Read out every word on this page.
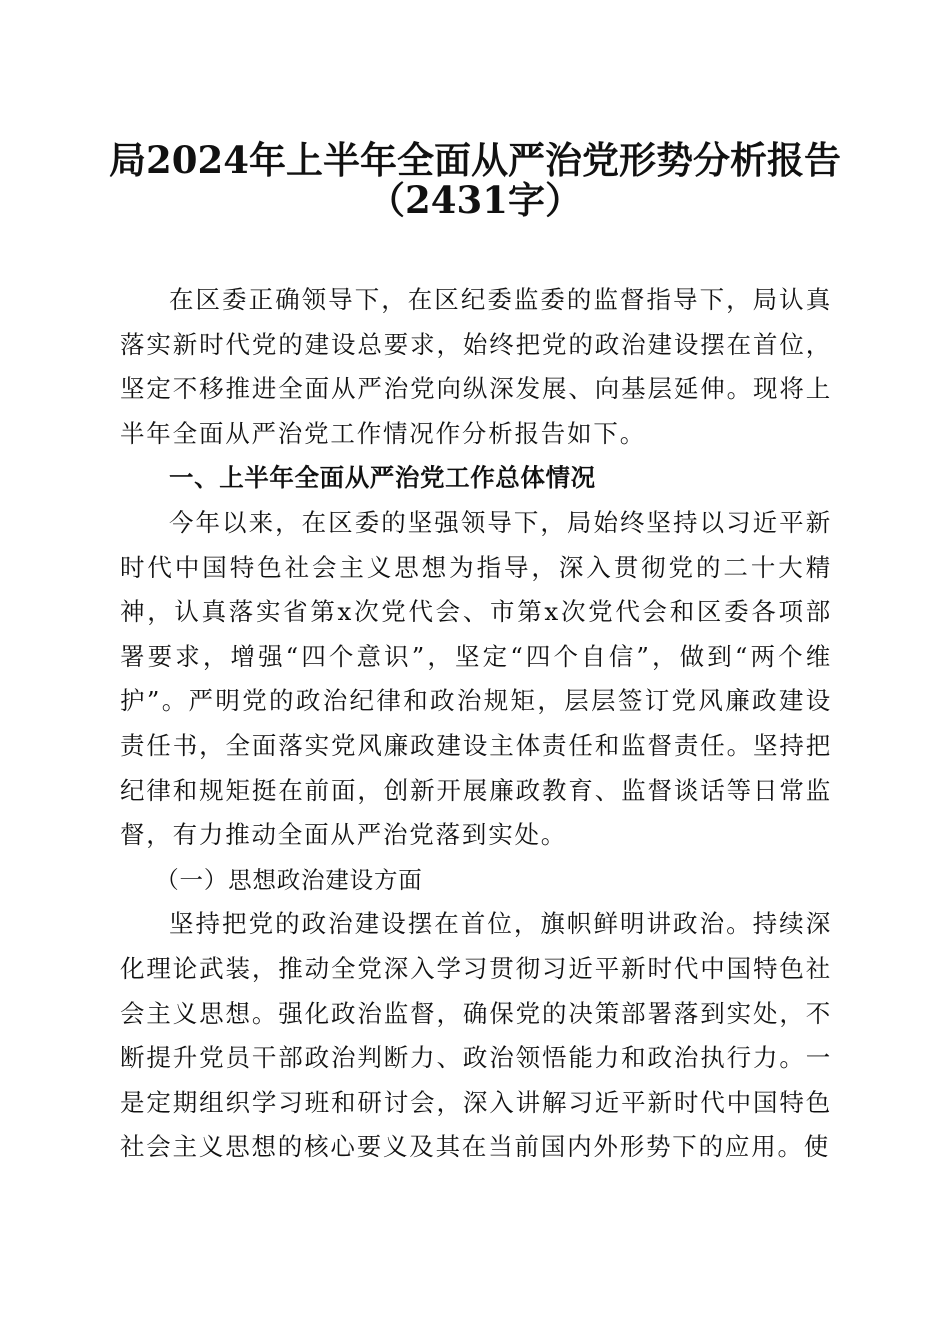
局2024年上半年全面从严治党形势分析报告
（2431字）

在区委正确领导下，在区纪委监委的监督指导下，局认真落实新时代党的建设总要求，始终把党的政治建设摆在首位，坚定不移推进全面从严治党向纵深发展、向基层延伸。现将上半年全面从严治党工作情况作分析报告如下。

一、上半年全面从严治党工作总体情况

今年以来，在区委的坚强领导下，局始终坚持以习近平新时代中国特色社会主义思想为指导，深入贯彻党的二十大精神，认真落实省第x次党代会、市第x次党代会和区委各项部署要求，增强“四个意识”，坚定“四个自信”，做到“两个维护”。严明党的政治纪律和政治规矩，层层签订党风廉政建设责任书，全面落实党风廉政建设主体责任和监督责任。坚持把纪律和规矩挺在前面，创新开展廉政教育、监督谈话等日常监督，有力推动全面从严治党落到实处。

（一）思想政治建设方面

坚持把党的政治建设摆在首位，旗帜鲜明讲政治。持续深化理论武装，推动全党深入学习贯彻习近平新时代中国特色社会主义思想。强化政治监督，确保党的决策部署落到实处，不断提升党员干部政治判断力、政治领悟能力和政治执行力。一是定期组织学习班和研讨会，深入讲解习近平新时代中国特色社会主义思想的核心要义及其在当前国内外形势下的应用。使
